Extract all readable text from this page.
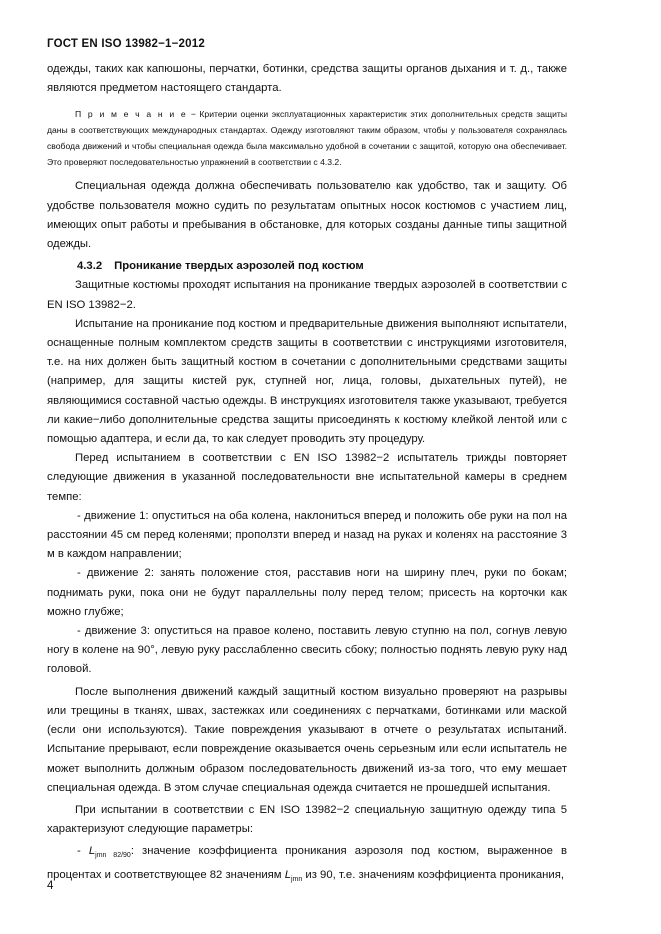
ГОСТ EN ISO 13982−1−2012

одежды, таких как капюшоны, перчатки, ботинки, средства защиты органов дыхания и т. д., также являются предметом настоящего стандарта.

П р и м е ч а н и е − Критерии оценки эксплуатационных характеристик этих дополнительных средств защиты даны в соответствующих международных стандартах. Одежду изготовляют таким образом, чтобы у пользователя сохранялась свобода движений и чтобы специальная одежда была максимально удобной в сочетании с защитой, которую она обеспечивает. Это проверяют последовательностью упражнений в соответствии с 4.3.2.

Специальная одежда должна обеспечивать пользователю как удобство, так и защиту. Об удобстве пользователя можно судить по результатам опытных носок костюмов с участием лиц, имеющих опыт работы и пребывания в обстановке, для которых созданы данные типы защитной одежды.

4.3.2 Проникание твердых аэрозолей под костюм

Защитные костюмы проходят испытания на проникание твердых аэрозолей в соответствии с EN ISO 13982−2.

Испытание на проникание под костюм и предварительные движения выполняют испытатели, оснащенные полным комплектом средств защиты в соответствии с инструкциями изготовителя, т.е. на них должен быть защитный костюм в сочетании с дополнительными средствами защиты (например, для защиты кистей рук, ступней ног, лица, головы, дыхательных путей), не являющимися составной частью одежды. В инструкциях изготовителя также указывают, требуется ли какие−либо дополнительные средства защиты присоединять к костюму клейкой лентой или с помощью адаптера, и если да, то как следует проводить эту процедуру.

Перед испытанием в соответствии с EN ISO 13982−2 испытатель трижды повторяет следующие движения в указанной последовательности вне испытательной камеры в среднем темпе:

- движение 1: опуститься на оба колена, наклониться вперед и положить обе руки на пол на расстоянии 45 см перед коленями; проползти вперед и назад на руках и коленях на расстояние 3 м в каждом направлении;

- движение 2: занять положение стоя, расставив ноги на ширину плеч, руки по бокам; поднимать руки, пока они не будут параллельны полу перед телом; присесть на корточки как можно глубже;

- движение 3: опуститься на правое колено, поставить левую ступню на пол, согнув левую ногу в колене на 90°, левую руку расслабленно свесить сбоку; полностью поднять левую руку над головой.

После выполнения движений каждый защитный костюм визуально проверяют на разрывы или трещины в тканях, швах, застежках или соединениях с перчатками, ботинками или маской (если они используются). Такие повреждения указывают в отчете о результатах испытаний. Испытание прерывают, если повреждение оказывается очень серьезным или если испытатель не может выполнить должным образом последовательность движений из-за того, что ему мешает специальная одежда. В этом случае специальная одежда считается не прошедшей испытания.

При испытании в соответствии с EN ISO 13982−2 специальную защитную одежду типа 5 характеризуют следующие параметры:

- $L_{jmn 82/90}$: значение коэффициента проникания аэрозоля под костюм, выраженное в процентах и соответствующее 82 значениям $L_{jmn}$ из 90, т.е. значениям коэффициента проникания,

4
